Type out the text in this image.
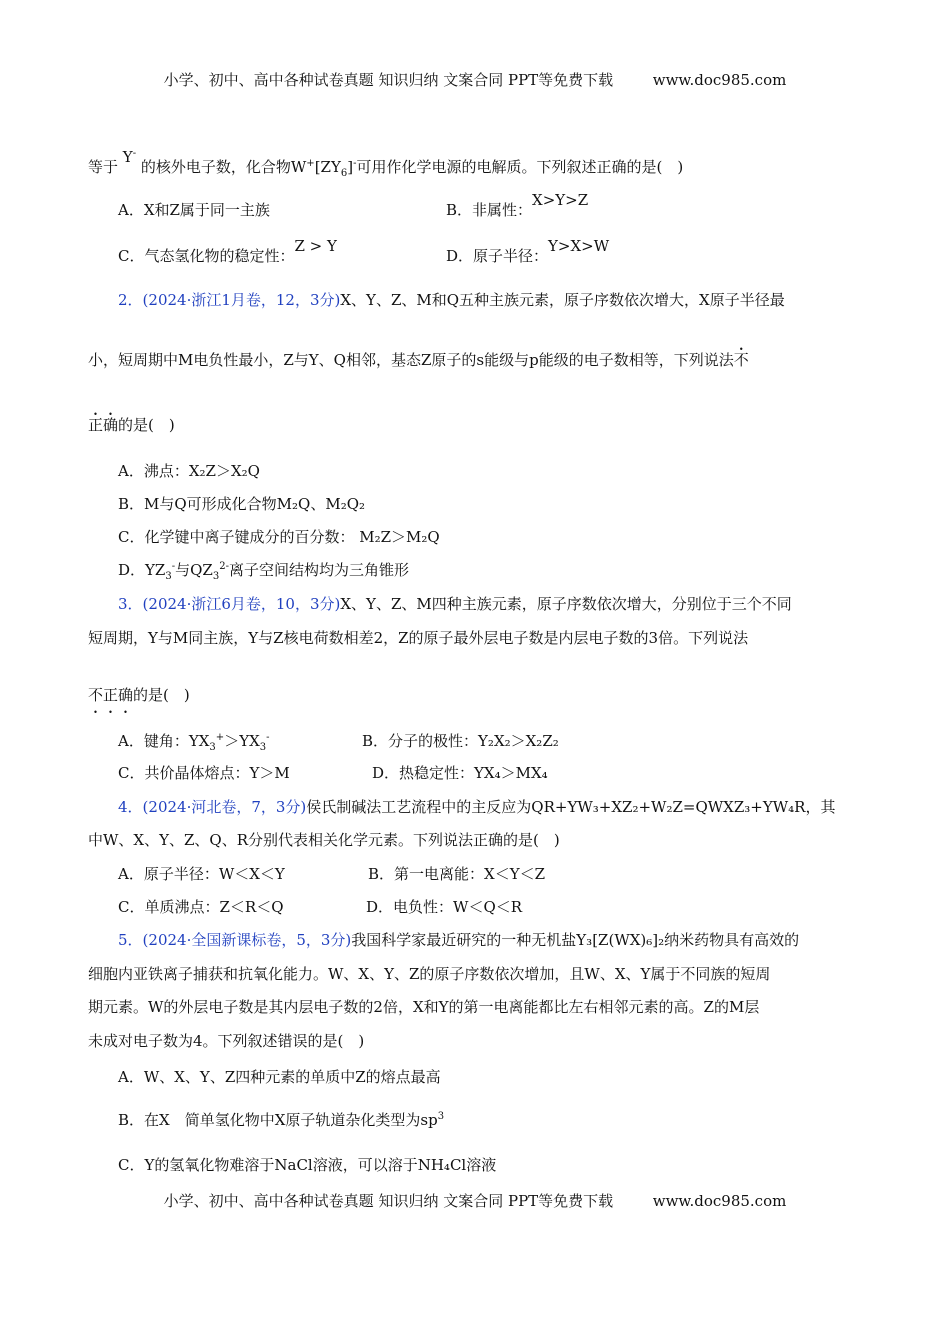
小学、初中、高中各种试卷真题 知识归纳 文案合同 PPT等免费下载	www.doc985.com
等于 Y- 的核外电子数，化合物$W^+[ZY_6]^-$可用作化学电源的电解质。下列叙述正确的是(　)
A．X和Z属于同一主族	B．非属性：X>Y>Z
C．气态氢化物的稳定性：Z > Y
D．原子半径：Y>X>W
2．(2024·浙江1月卷，12，3分)X、Y、Z、M和Q五种主族元素，原子序数依次增大，X原子半径最
小，短周期中M电负性最小，Z与Y、Q相邻，基态Z原子的s能级与p能级的电子数相等，下列说法不
正确的是(　)
A．沸点：X₂Z＞X₂Q
B．M与Q可形成化合物M₂Q、M₂Q₂
C．化学键中离子键成分的百分数： M₂Z＞M₂Q
D．$YZ_3^-$与$QZ_3^{2-}$离子空间结构均为三角锥形
3．(2024·浙江6月卷，10，3分)X、Y、Z、M四种主族元素，原子序数依次增大，分别位于三个不同
短周期，Y与M同主族，Y与Z核电荷数相差2，Z的原子最外层电子数是内层电子数的3倍。下列说法
不正确的是(　)
A．键角：$YX_3^+>YX_3^-$	B．分子的极性：Y₂X₂＞X₂Z₂
C．共价晶体熔点：Y＞M	D．热稳定性：YX₄＞MX₄
4．(2024·河北卷，7，3分)侯氏制碱法工艺流程中的主反应为QR+YW₃+XZ₂+W₂Z=QWXZ₃+YW₄R，其
中W、X、Y、Z、Q、R分别代表相关化学元素。下列说法正确的是(　)
A．原子半径：W＜X＜Y	B．第一电离能：X＜Y＜Z
C．单质沸点：Z＜R＜Q	D．电负性：W＜Q＜R
5．(2024·全国新课标卷，5，3分)我国科学家最近研究的一种无机盐Y₃[Z(WX)₆]₂纳米药物具有高效的
细胞内亚铁离子捕获和抗氧化能力。W、X、Y、Z的原子序数依次增加，且W、X、Y属于不同族的短周
期元素。W的外层电子数是其内层电子数的2倍，X和Y的第一电离能都比左右相邻元素的高。Z的M层
未成对电子数为4。下列叙述错误的是(　)
A．W、X、Y、Z四种元素的单质中Z的熔点最高
B．在X　简单氢化物中X原子轨道杂化类型为$sp^3$
C．Y的氢氧化物难溶于NaCl溶液，可以溶于NH₄Cl溶液
小学、初中、高中各种试卷真题 知识归纳 文案合同 PPT等免费下载	www.doc985.com
